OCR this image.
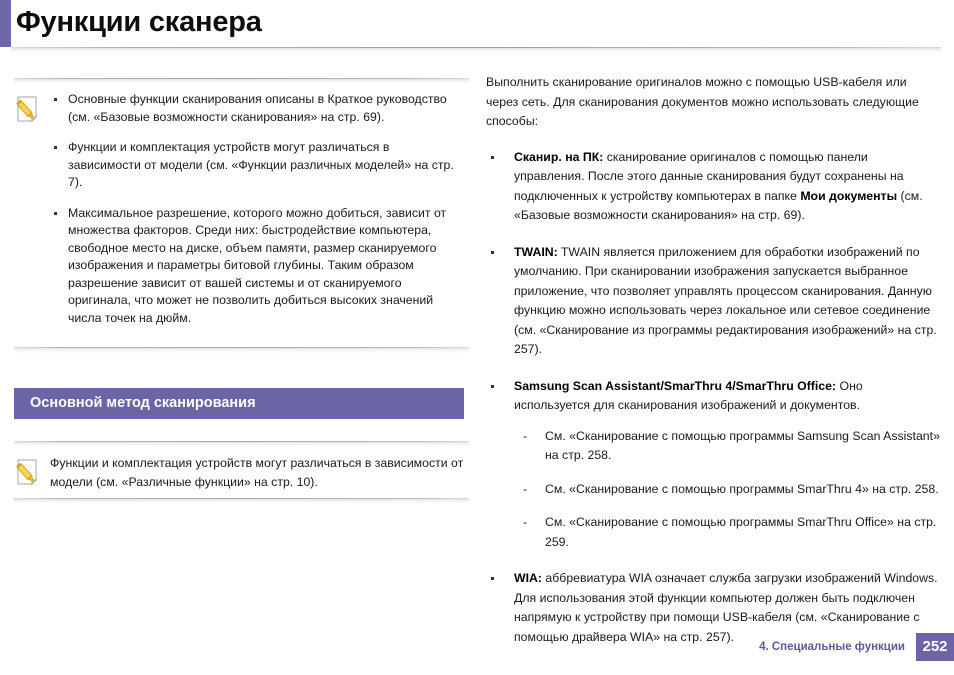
Функции сканера
Основные функции сканирования описаны в Краткое руководство (см. «Базовые возможности сканирования» на стр. 69).
Функции и комплектация устройств могут различаться в зависимости от модели (см. «Функции различных моделей» на стр. 7).
Максимальное разрешение, которого можно добиться, зависит от множества факторов. Среди них: быстродействие компьютера, свободное место на диске, объем памяти, размер сканируемого изображения и параметры битовой глубины. Таким образом разрешение зависит от вашей системы и от сканируемого оригинала, что может не позволить добиться высоких значений числа точек на дюйм.
Основной метод сканирования
Функции и комплектация устройств могут различаться в зависимости от модели (см. «Различные функции» на стр. 10).

Выполнить сканирование оригиналов можно с помощью USB-кабеля или через сеть. Для сканирования документов можно использовать следующие способы:

Сканир. на ПК: сканирование оригиналов с помощью панели управления. После этого данные сканирования будут сохранены на подключенных к устройству компьютерах в папке Мои документы (см. «Базовые возможности сканирования» на стр. 69).
TWAIN: TWAIN является приложением для обработки изображений по умолчанию. При сканировании изображения запускается выбранное приложение, что позволяет управлять процессом сканирования. Данную функцию можно использовать через локальное или сетевое соединение (см. «Сканирование из программы редактирования изображений» на стр. 257).
Samsung Scan Assistant/SmarThru 4/SmarThru Office: Оно используется для сканирования изображений и документов.
- См. «Сканирование с помощью программы Samsung Scan Assistant» на стр. 258.
- См. «Сканирование с помощью программы SmarThru 4» на стр. 258.
- См. «Сканирование с помощью программы SmarThru Office» на стр. 259.
WIA: аббревиатура WIA означает служба загрузки изображений Windows. Для использования этой функции компьютер должен быть подключен напрямую к устройству при помощи USB-кабеля (см. «Сканирование с помощью драйвера WIA» на стр. 257).
4. Специальные функции	252
